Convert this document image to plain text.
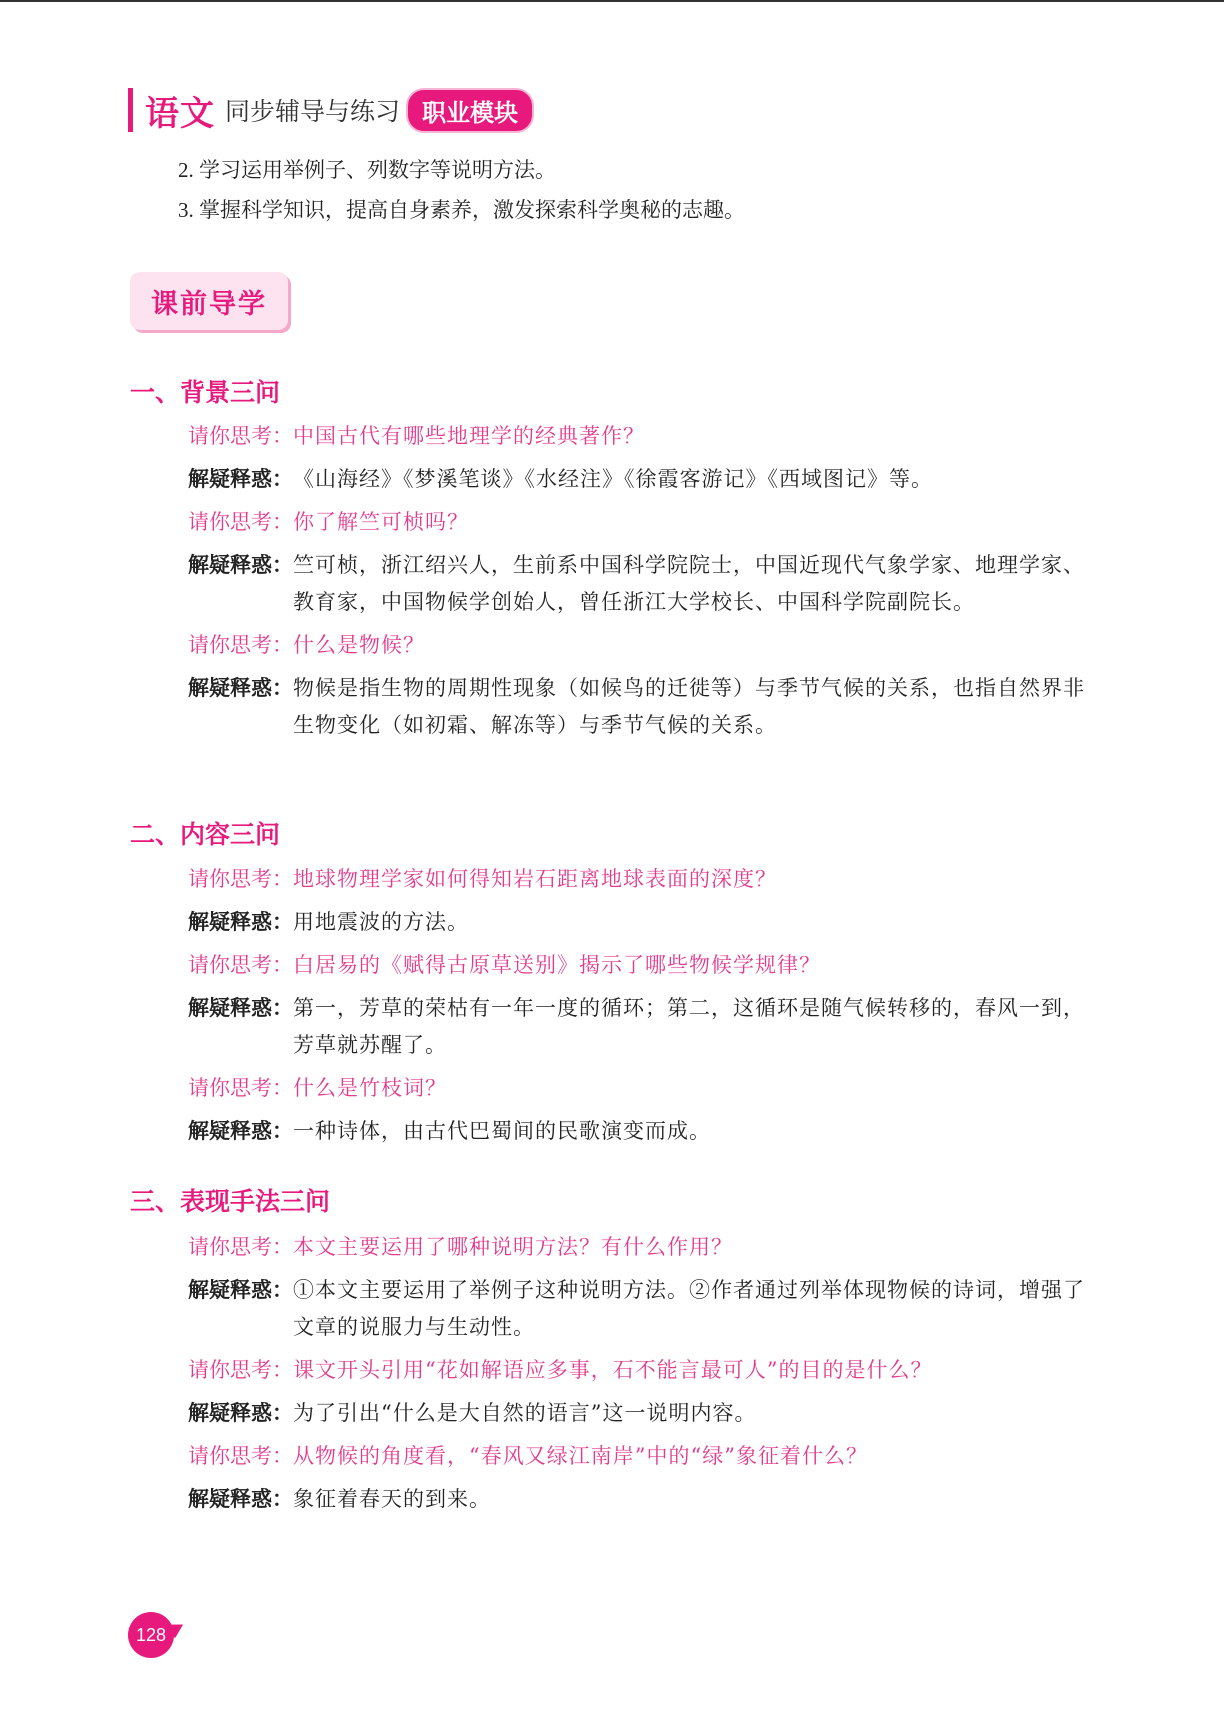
语文 同步辅导与练习 职业模块
2. 学习运用举例子、列数字等说明方法。
3. 掌握科学知识，提高自身素养，激发探索科学奥秘的志趣。
课前导学
一、背景三问
请你思考： 中国古代有哪些地理学的经典著作？
解疑释惑： 《山海经》《梦溪笔谈》《水经注》《徐霞客游记》《西域图记》等。
请你思考： 你了解竺可桢吗？
解疑释惑： 竺可桢，浙江绍兴人，生前系中国科学院院士，中国近现代气象学家、地理学家、教育家，中国物候学创始人，曾任浙江大学校长、中国科学院副院长。
请你思考： 什么是物候？
解疑释惑： 物候是指生物的周期性现象（如候鸟的迁徙等）与季节气候的关系，也指自然界非生物变化（如初霜、解冻等）与季节气候的关系。
二、内容三问
请你思考： 地球物理学家如何得知岩石距离地球表面的深度？
解疑释惑： 用地震波的方法。
请你思考： 白居易的《赋得古原草送别》揭示了哪些物候学规律？
解疑释惑： 第一，芳草的荣枯有一年一度的循环；第二，这循环是随气候转移的，春风一到，芳草就苏醒了。
请你思考： 什么是竹枝词？
解疑释惑： 一种诗体，由古代巴蜀间的民歌演变而成。
三、表现手法三问
请你思考： 本文主要运用了哪种说明方法？有什么作用？
解疑释惑： ①本文主要运用了举例子这种说明方法。②作者通过列举体现物候的诗词，增强了文章的说服力与生动性。
请你思考： 课文开头引用“花如解语应多事，石不能言最可人”的目的是什么？
解疑释惑： 为了引出“什么是大自然的语言”这一说明内容。
请你思考： 从物候的角度看，“春风又绿江南岸”中的“绿”象征着什么？
解疑释惑： 象征着春天的到来。
128
